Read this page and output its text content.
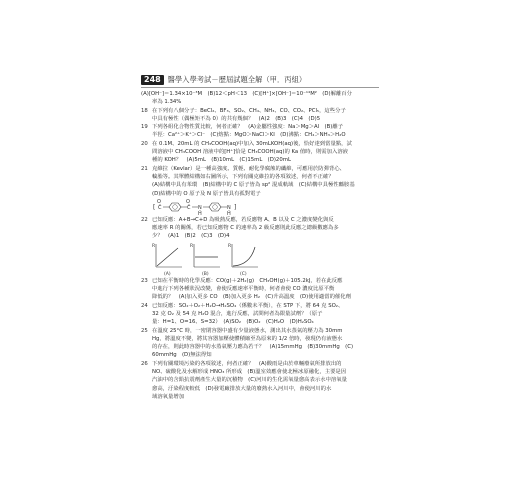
248 醫學入學考試－歷屆試題全解（甲．丙組）
(A)[OH⁻]＝1.34×10⁻³M　(B)12＜pH＜13　(C)[H⁺]×[OH⁻]＝10⁻¹⁴M²　(D)解離百分
率為 1.34%
18 在下列有八個分子：BeCl₂、BF₃、SO₂、CH₄、NH₃、CO、CO₂、PCl₅，這些分子
中具有極性（偶極矩不為 0）的共有幾個？　(A)2　(B)3　(C)4　(D)5
19 下列各組化合物性質比較，何者正確？　(A)金屬性強度：Na＞Mg＞Al　(B)離子
半徑：Ca²⁺＞K⁺＞Cl⁻　(C)熔點：MgO＞NaCl＞KI　(D)沸點：CH₄＞NH₃＞H₂O
20 在 0.1M、20mL 的 CH₃COOH(aq)中加入 30mLKOH(aq)後，恰好達到當量點，試
問溶液中 CH₃COOH 溶液中的[H⁺]恰是 CH₃COOH(aq)的 Ka 值時，則需加入溶液
種的 KOH？　(A)5mL　(B)10mL　(C)15mL　(D)20mL
21 克維拉（Kevlar）是一種高強度、質輕、耐化學腐蝕的纖維，可應用於防彈背心、
輪胎等。其單體結構如右圖所示，下列有關克維拉的各項敘述，何者不正確？
(A)結構中具有苯環　(B)結構中的 C 原子皆為 sp² 混成軌域　(C)結構中具極性醯胺基
(D)結構中的 O 原子及 N 原子皆具有孤對電子
[ C
O
C
O
N
H
N
H
]
22 已知反應：A+B→C+D 為吸熱反應，若反應物 A、B 以及 C 之濃度變化與反
應速率 R 的關係，若已知反應物 C 的速率為 2 級反應則此反應之總級數應為多
少？　(A)1　(B)2　(C)3　(D)4
R
(A)
R
(B)
R
(C)
23 已知在平衡時的化學反應：CO(g)＋2H₂(g)　CH₃OH(g)＋105.2kJ，若在此反應
中進行下列各種狀況改變，會使反應速率平衡時，何者會使 CO 濃度比原平衡
降低的？　(A)加入更多 CO　(B)加入更多 H₂　(C)升高溫度　(D)使用適當的催化劑
24 已知反應：SO₂＋O₂＋H₂O→H₂SO₄（係數未平衡），在 STP 下，將 64 克 SO₂、
32 克 O₂ 及 54 克 H₂O 混合，進行反應，試問何者為限量試劑？（原子
量：H=1、O=16、S=32）　(A)SO₂　(B)O₂　(C)H₂O　(D)H₂SO₄
25 在溫度 25°C 時，一密閉容器中盛有少量液態水，測出其水蒸氣的壓力為 30mm
Hg，將溫度不變，將其容器加壓使體積縮至為原來的 1/2 倍時，發現仍有液態水
的存在，則此時容器中的水蒸氣壓力應為若干？　(A)15mmHg　(B)30mmHg　(C)
60mmHg　(D)無法得知
26 下列有關環境污染的各項敘述，何者正確？　(A)酸雨是由於車輛廢氣所排放出的
NO、硫酸化及水解形成 HNO₃ 所形成　(B)溫室效應會使北極冰原融化，主要是因
汽油中的含鉛抗震劑產生大量的沉積物　(C)河川的生化需氧量愈高表示水中溶氧量
愈高，汙染程度較低　(D)發電廠排放大量的廢熱水入河川中，會使河川的水
域溶氧量增加
